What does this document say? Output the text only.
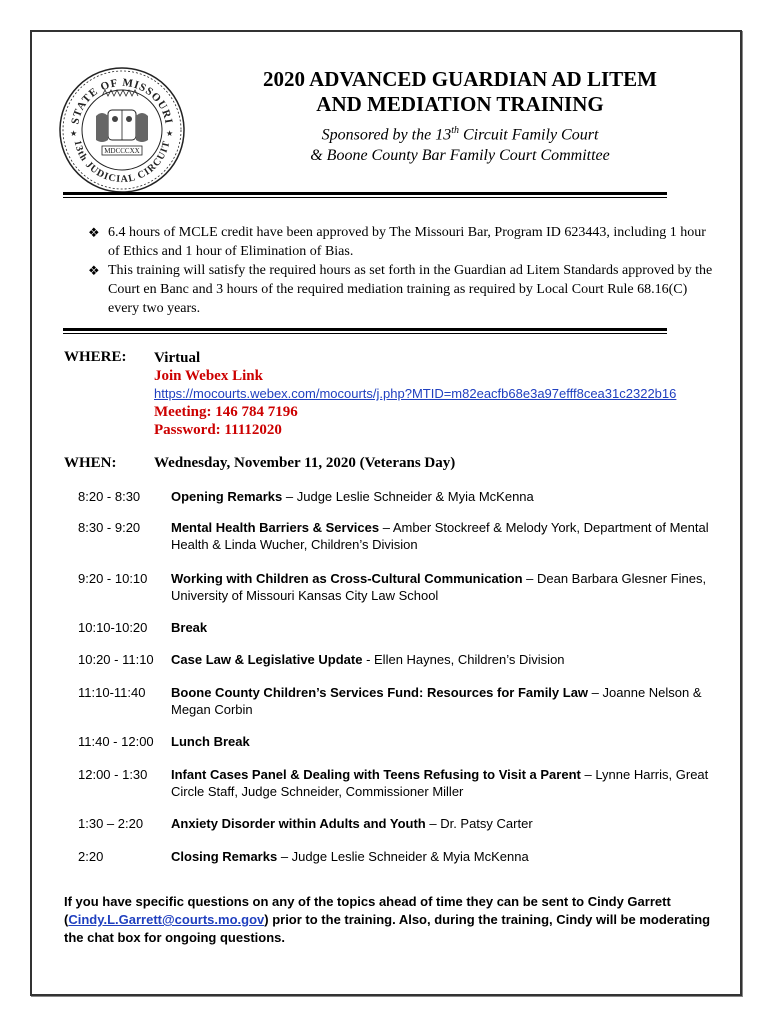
STATE OF MISSOURI
13th JUDICIAL CIRCUIT
★	★
MDCCCXX
2020 ADVANCED GUARDIAN AD LITEM
AND MEDIATION TRAINING
Sponsored by the 13th Circuit Family Court
& Boone County Bar Family Court Committee
❖ 6.4 hours of MCLE credit have been approved by The Missouri Bar, Program ID 623443, including 1 hour of Ethics and 1 hour of Elimination of Bias.
❖ This training will satisfy the required hours as set forth in the Guardian ad Litem Standards approved by the Court en Banc and 3 hours of the required mediation training as required by Local Court Rule 68.16(C) every two years.
WHERE: Virtual
Join Webex Link
https://mocourts.webex.com/mocourts/j.php?MTID=m82eacfb68e3a97efff8cea31c2322b16
Meeting: 146 784 7196
Password: 11112020
WHEN:	Wednesday, November 11, 2020 (Veterans Day)
8:20 - 8:30	Opening Remarks – Judge Leslie Schneider & Myia McKenna
8:30 - 9:20	Mental Health Barriers & Services – Amber Stockreef & Melody York, Department of Mental Health & Linda Wucher, Children’s Division
9:20 - 10:10	Working with Children as Cross-Cultural Communication – Dean Barbara Glesner Fines, University of Missouri Kansas City Law School
10:10-10:20	Break
10:20 - 11:10	Case Law & Legislative Update - Ellen Haynes, Children’s Division
11:10-11:40	Boone County Children’s Services Fund: Resources for Family Law – Joanne Nelson & Megan Corbin
11:40 - 12:00	Lunch Break
12:00 - 1:30	Infant Cases Panel & Dealing with Teens Refusing to Visit a Parent – Lynne Harris, Great Circle Staff, Judge Schneider, Commissioner Miller
1:30 – 2:20	Anxiety Disorder within Adults and Youth – Dr. Patsy Carter
2:20	Closing Remarks – Judge Leslie Schneider & Myia McKenna
If you have specific questions on any of the topics ahead of time they can be sent to Cindy Garrett (Cindy.L.Garrett@courts.mo.gov) prior to the training. Also, during the training, Cindy will be moderating the chat box for ongoing questions.
